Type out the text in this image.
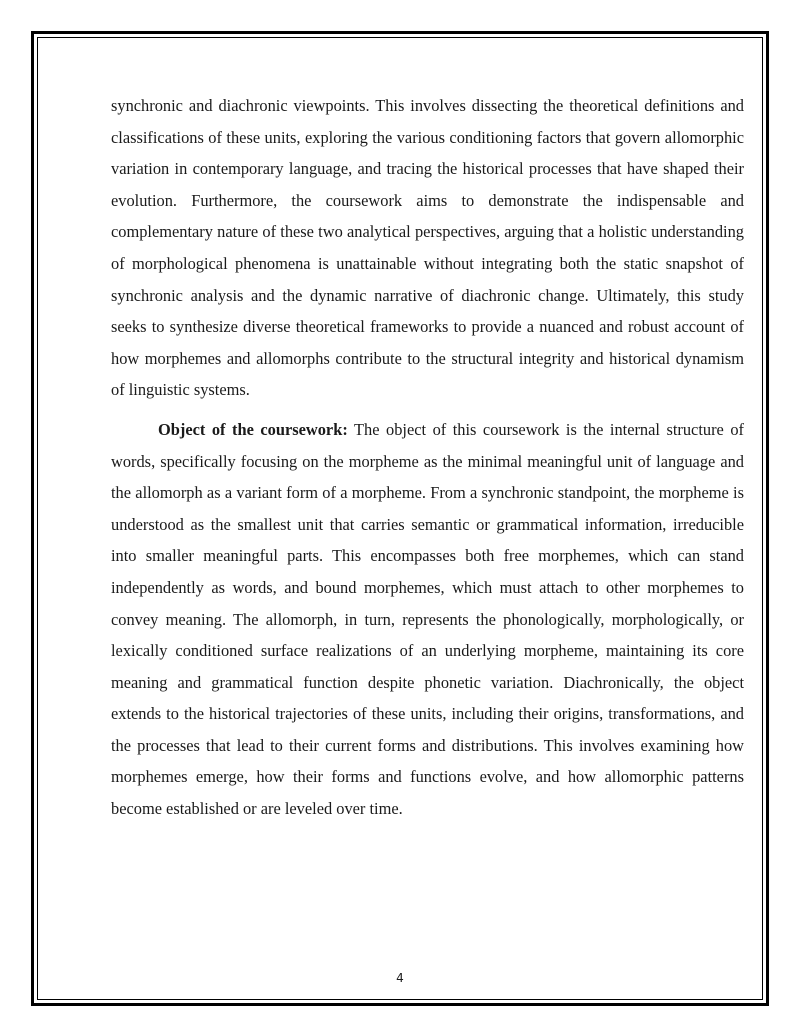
synchronic and diachronic viewpoints. This involves dissecting the theoretical definitions and classifications of these units, exploring the various conditioning factors that govern allomorphic variation in contemporary language, and tracing the historical processes that have shaped their evolution. Furthermore, the coursework aims to demonstrate the indispensable and complementary nature of these two analytical perspectives, arguing that a holistic understanding of morphological phenomena is unattainable without integrating both the static snapshot of synchronic analysis and the dynamic narrative of diachronic change. Ultimately, this study seeks to synthesize diverse theoretical frameworks to provide a nuanced and robust account of how morphemes and allomorphs contribute to the structural integrity and historical dynamism of linguistic systems.

Object of the coursework: The object of this coursework is the internal structure of words, specifically focusing on the morpheme as the minimal meaningful unit of language and the allomorph as a variant form of a morpheme. From a synchronic standpoint, the morpheme is understood as the smallest unit that carries semantic or grammatical information, irreducible into smaller meaningful parts. This encompasses both free morphemes, which can stand independently as words, and bound morphemes, which must attach to other morphemes to convey meaning. The allomorph, in turn, represents the phonologically, morphologically, or lexically conditioned surface realizations of an underlying morpheme, maintaining its core meaning and grammatical function despite phonetic variation. Diachronically, the object extends to the historical trajectories of these units, including their origins, transformations, and the processes that lead to their current forms and distributions. This involves examining how morphemes emerge, how their forms and functions evolve, and how allomorphic patterns become established or are leveled over time.

4
